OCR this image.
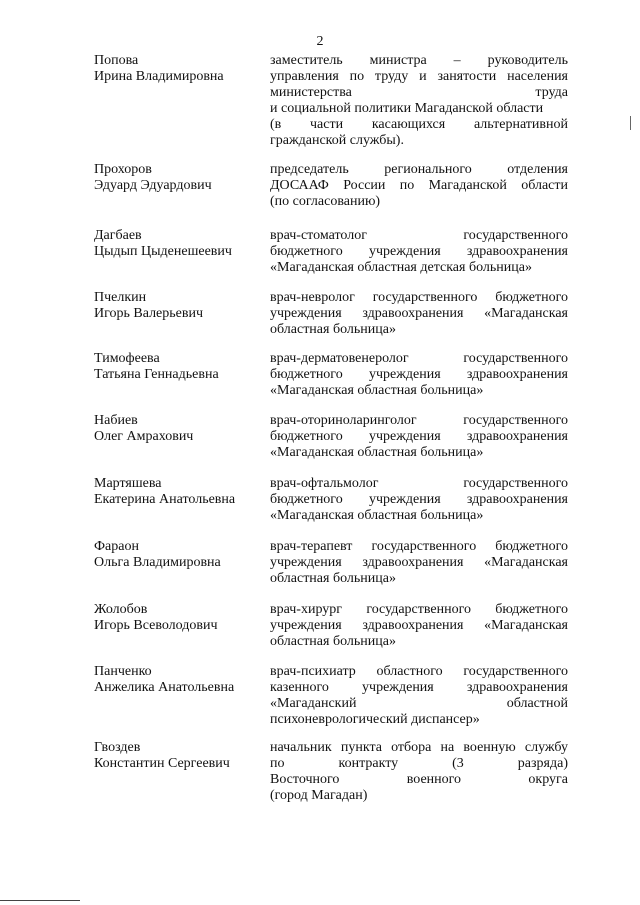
2
Попова
Ирина Владимировна
заместитель министра – руководитель
управления по труду и занятости населения
министерства труда
и социальной политики Магаданской области
(в части касающихся альтернативной
гражданской службы).
Прохоров
Эдуард Эдуардович
председатель регионального отделения
ДОСААФ России по Магаданской области
(по согласованию)
Дагбаев
Цыдып Цыденешеевич
врач-стоматолог государственного
бюджетного учреждения здравоохранения
«Магаданская областная детская больница»
Пчелкин
Игорь Валерьевич
врач-невролог государственного бюджетного
учреждения здравоохранения «Магаданская
областная больница»
Тимофеева
Татьяна Геннадьевна
врач-дерматовенеролог государственного
бюджетного учреждения здравоохранения
«Магаданская областная больница»
Набиев
Олег Амрахович
врач-оториноларинголог государственного
бюджетного учреждения здравоохранения
«Магаданская областная больница»
Мартяшева
Екатерина Анатольевна
врач-офтальмолог государственного
бюджетного учреждения здравоохранения
«Магаданская областная больница»
Фараон
Ольга Владимировна
врач-терапевт государственного бюджетного
учреждения здравоохранения «Магаданская
областная больница»
Жолобов
Игорь Всеволодович
врач-хирург государственного бюджетного
учреждения здравоохранения «Магаданская
областная больница»
Панченко
Анжелика Анатольевна
врач-психиатр областного государственного
казенного учреждения здравоохранения
«Магаданский областной
психоневрологический диспансер»
Гвоздев
Константин Сергеевич
начальник пункта отбора на военную службу
по контракту (3 разряда)
Восточного военного округа
(город Магадан)
